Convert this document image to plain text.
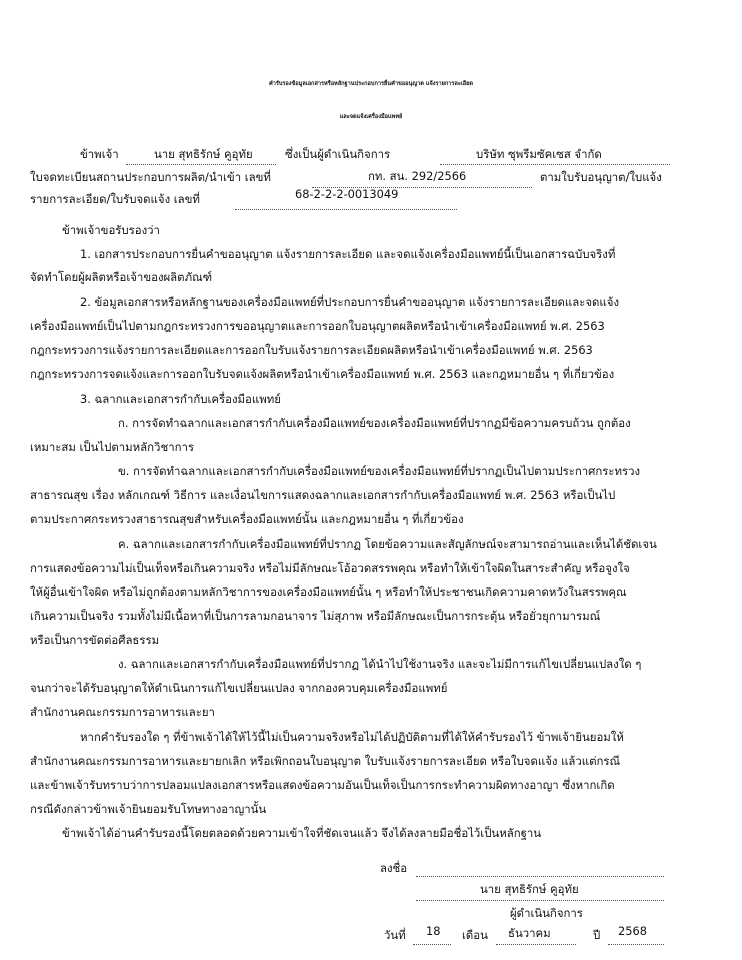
คำรับรองข้อมูลเอกสารหรือหลักฐานประกอบการยื่นคำขออนุญาต แจ้งรายการละเอียด
และจดแจ้งเครื่องมือแพทย์
ข้าพเจ้า	นาย สุทธิรักษ์ คูอุทัย	ซึ่งเป็นผู้ดำเนินกิจการ	บริษัท ซุพรีมซัคเซส จำกัด
ใบจดทะเบียนสถานประกอบการผลิต/นำเข้า เลขที่	กท. สน. 292/2566	ตามใบรับอนุญาต/ใบแจ้ง
รายการละเอียด/ใบรับจดแจ้ง เลขที่	68-2-2-2-0013049
ข้าพเจ้าขอรับรองว่า
1. เอกสารประกอบการยื่นคำขออนุญาต แจ้งรายการละเอียด และจดแจ้งเครื่องมือแพทย์นี้เป็นเอกสารฉบับจริงที่
จัดทำโดยผู้ผลิตหรือเจ้าของผลิตภัณฑ์
2. ข้อมูลเอกสารหรือหลักฐานของเครื่องมือแพทย์ที่ประกอบการยื่นคำขออนุญาต แจ้งรายการละเอียดและจดแจ้ง
เครื่องมือแพทย์เป็นไปตามกฎกระทรวงการขออนุญาตและการออกใบอนุญาตผลิตหรือนำเข้าเครื่องมือแพทย์ พ.ศ. 2563
กฎกระทรวงการแจ้งรายการละเอียดและการออกใบรับแจ้งรายการละเอียดผลิตหรือนำเข้าเครื่องมือแพทย์ พ.ศ. 2563
กฎกระทรวงการจดแจ้งและการออกใบรับจดแจ้งผลิตหรือนำเข้าเครื่องมือแพทย์ พ.ศ. 2563 และกฎหมายอื่น ๆ ที่เกี่ยวข้อง
3. ฉลากและเอกสารกำกับเครื่องมือแพทย์
ก. การจัดทำฉลากและเอกสารกำกับเครื่องมือแพทย์ของเครื่องมือแพทย์ที่ปรากฏมีข้อความครบถ้วน ถูกต้อง
เหมาะสม เป็นไปตามหลักวิชาการ
ข. การจัดทำฉลากและเอกสารกำกับเครื่องมือแพทย์ของเครื่องมือแพทย์ที่ปรากฏเป็นไปตามประกาศกระทรวง
สาธารณสุข เรื่อง หลักเกณฑ์ วิธีการ และเงื่อนไขการแสดงฉลากและเอกสารกำกับเครื่องมือแพทย์ พ.ศ. 2563 หรือเป็นไป
ตามประกาศกระทรวงสาธารณสุขสำหรับเครื่องมือแพทย์นั้น และกฎหมายอื่น ๆ ที่เกี่ยวข้อง
ค. ฉลากและเอกสารกำกับเครื่องมือแพทย์ที่ปรากฏ โดยข้อความและสัญลักษณ์จะสามารถอ่านและเห็นได้ชัดเจน
การแสดงข้อความไม่เป็นเท็จหรือเกินความจริง หรือไม่มีลักษณะโอ้อวดสรรพคุณ หรือทำให้เข้าใจผิดในสาระสำคัญ หรือจูงใจ
ให้ผู้อื่นเข้าใจผิด หรือไม่ถูกต้องตามหลักวิชาการของเครื่องมือแพทย์นั้น ๆ หรือทำให้ประชาชนเกิดความคาดหวังในสรรพคุณ
เกินความเป็นจริง รวมทั้งไม่มีเนื้อหาที่เป็นการลามกอนาจาร ไม่สุภาพ หรือมีลักษณะเป็นการกระตุ้น หรือยั่วยุกามารมณ์
หรือเป็นการขัดต่อศีลธรรม
ง. ฉลากและเอกสารกำกับเครื่องมือแพทย์ที่ปรากฏ ได้นำไปใช้งานจริง และจะไม่มีการแก้ไขเปลี่ยนแปลงใด ๆ
จนกว่าจะได้รับอนุญาตให้ดำเนินการแก้ไขเปลี่ยนแปลง จากกองควบคุมเครื่องมือแพทย์
สำนักงานคณะกรรมการอาหารและยา
หากคำรับรองใด ๆ ที่ข้าพเจ้าได้ให้ไว้นี้ไม่เป็นความจริงหรือไม่ได้ปฏิบัติตามที่ได้ให้คำรับรองไว้ ข้าพเจ้ายินยอมให้
สำนักงานคณะกรรมการอาหารและยายกเลิก หรือเพิกถอนใบอนุญาต ใบรับแจ้งรายการละเอียด หรือใบจดแจ้ง แล้วแต่กรณี
และข้าพเจ้ารับทราบว่าการปลอมแปลงเอกสารหรือแสดงข้อความอันเป็นเท็จเป็นการกระทำความผิดทางอาญา ซึ่งหากเกิด
กรณีดังกล่าวข้าพเจ้ายินยอมรับโทษทางอาญานั้น
ข้าพเจ้าได้อ่านคำรับรองนี้โดยตลอดด้วยความเข้าใจที่ชัดเจนแล้ว จึงได้ลงลายมือชื่อไว้เป็นหลักฐาน
ลงชื่อ
นาย สุทธิรักษ์ คูอุทัย
ผู้ดำเนินกิจการ
วันที่ 18 เดือน ธันวาคม	ปี 2568
